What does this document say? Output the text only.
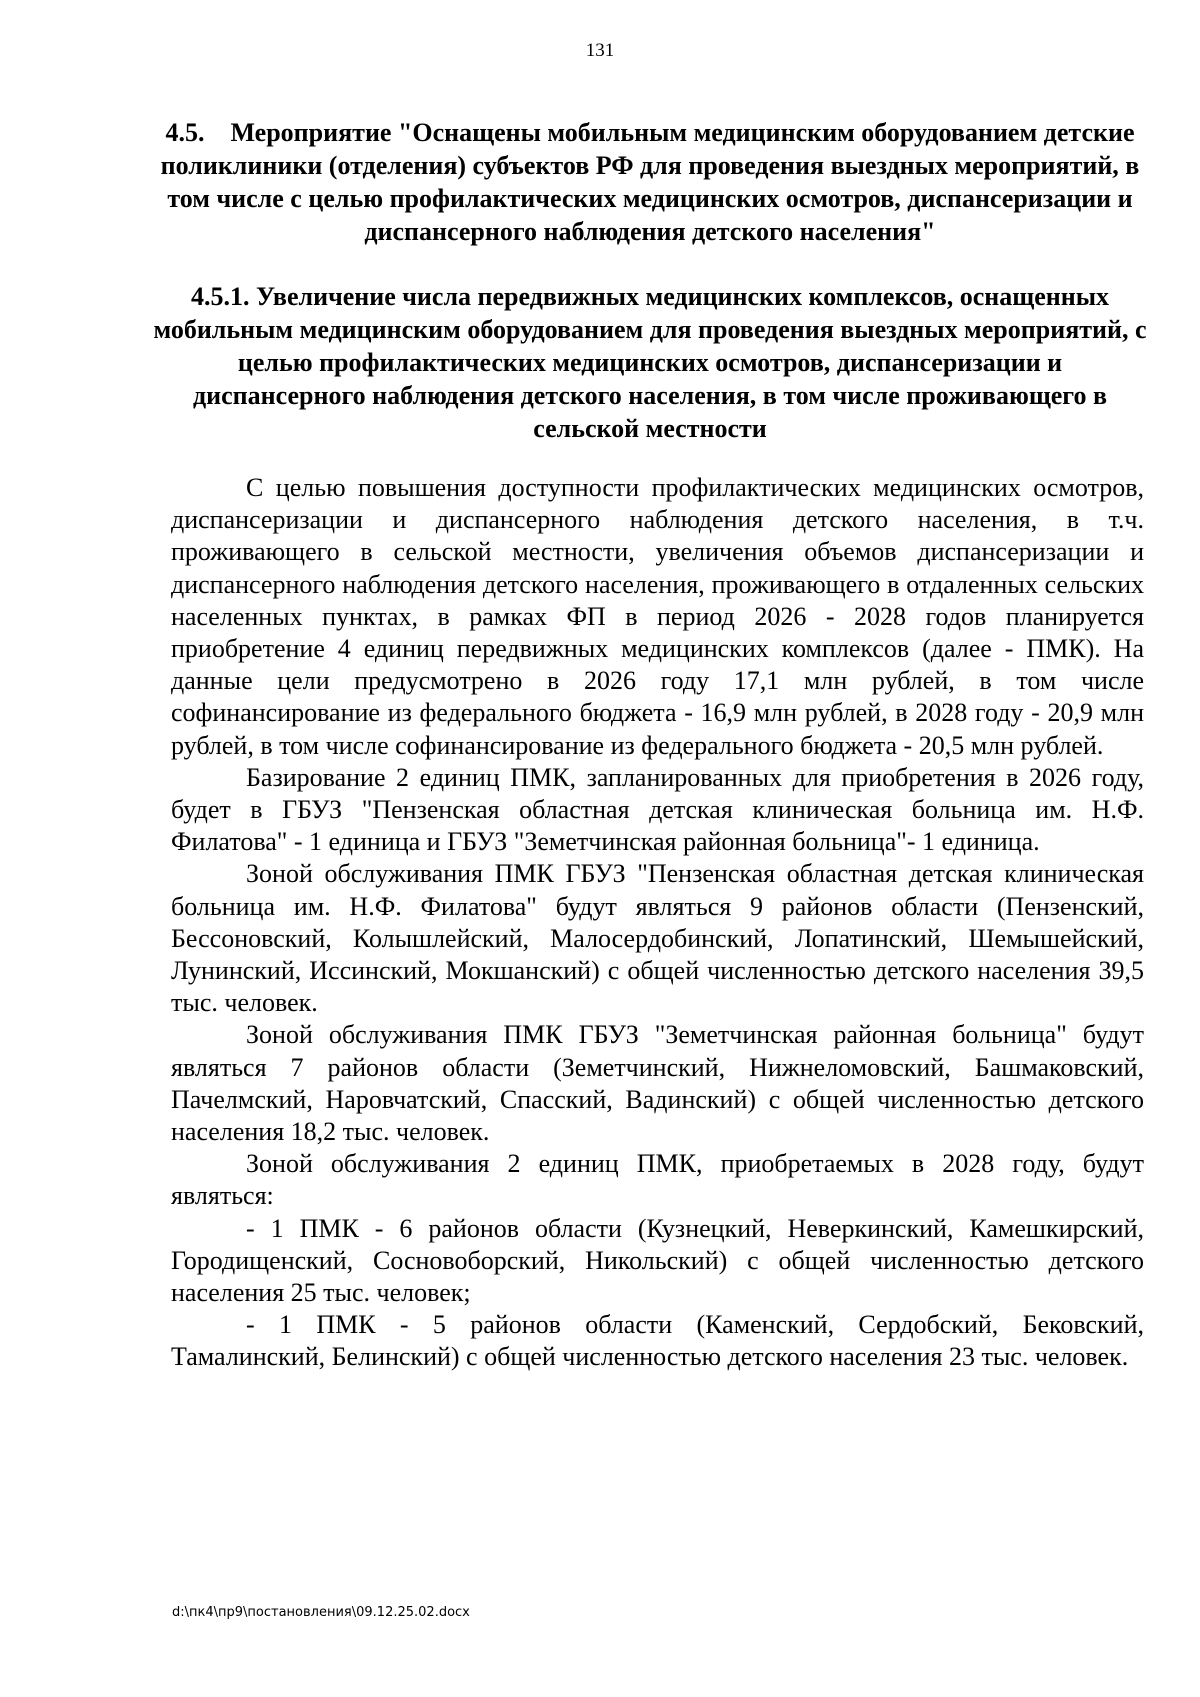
131
4.5.    Мероприятие "Оснащены мобильным медицинским оборудованием детские поликлиники (отделения) субъектов РФ для проведения выездных мероприятий, в том числе с целью профилактических медицинских осмотров, диспансеризации и диспансерного наблюдения детского населения"
4.5.1. Увеличение числа передвижных медицинских комплексов, оснащенных мобильным медицинским оборудованием для проведения выездных мероприятий, с целью профилактических медицинских осмотров, диспансеризации и диспансерного наблюдения детского населения, в том числе проживающего в сельской местности

С целью повышения доступности профилактических медицинских осмотров, диспансеризации и диспансерного наблюдения детского населения, в т.ч. проживающего в сельской местности, увеличения объемов диспансеризации и диспансерного наблюдения детского населения, проживающего в отдаленных сельских населенных пунктах, в рамках ФП в период 2026 - 2028 годов планируется приобретение 4 единиц передвижных медицинских комплексов (далее - ПМК). На данные цели предусмотрено в 2026 году 17,1 млн рублей, в том числе софинансирование из федерального бюджета - 16,9 млн рублей, в 2028 году - 20,9 млн рублей, в том числе софинансирование из федерального бюджета - 20,5 млн рублей.

Базирование 2 единиц ПМК, запланированных для приобретения в 2026 году, будет в ГБУЗ "Пензенская областная детская клиническая больница им. Н.Ф. Филатова" - 1 единица и ГБУЗ "Земетчинская районная больница"- 1 единица.

Зоной обслуживания ПМК ГБУЗ "Пензенская областная детская клиническая больница им. Н.Ф. Филатова" будут являться 9 районов области (Пензенский, Бессоновский, Колышлейский, Малосердобинский, Лопатинский, Шемышейский, Лунинский, Иссинский, Мокшанский) с общей численностью детского населения 39,5 тыс. человек.

Зоной обслуживания ПМК ГБУЗ "Земетчинская районная больница" будут являться 7 районов области (Земетчинский, Нижнеломовский, Башмаковский, Пачелмский, Наровчатский, Спасский, Вадинский) с общей численностью детского населения 18,2 тыс. человек.

Зоной обслуживания 2 единиц ПМК, приобретаемых в 2028 году, будут являться:

- 1 ПМК - 6 районов области (Кузнецкий, Неверкинский, Камешкирский, Городищенский, Сосновоборский, Никольский) с общей численностью детского населения 25 тыс. человек;

- 1 ПМК - 5 районов области (Каменский, Сердобский, Бековский, Тамалинский, Белинский) с общей численностью детского населения 23 тыс. человек.

d:\пк4\пр9\постановления\09.12.25.02.docx
